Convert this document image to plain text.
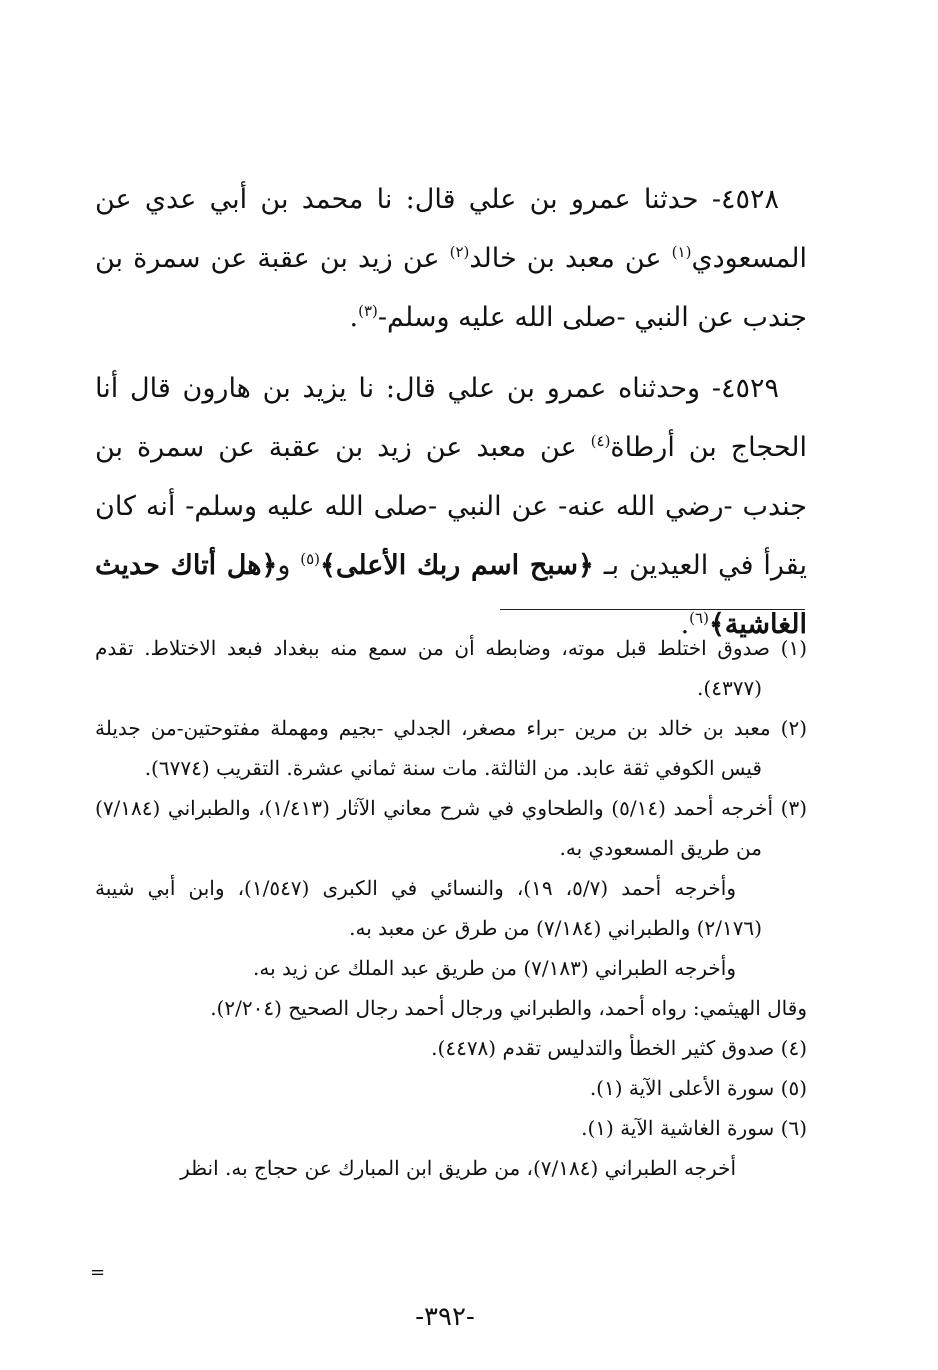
٤٥٢٨- حدثنا عمرو بن علي قال: نا محمد بن أبي عدي عن المسعودي$^{(١)}$ عن معبد بن خالد$^{(٢)}$ عن زيد بن عقبة عن سمرة بن جندب عن النبي -صلى الله عليه وسلم-$^{(٣)}$.

٤٥٢٩- وحدثناه عمرو بن علي قال: نا يزيد بن هارون قال أنا الحجاج بن أرطاة$^{(٤)}$ عن معبد عن زيد بن عقبة عن سمرة بن جندب -رضي الله عنه- عن النبي -صلى الله عليه وسلم- أنه كان يقرأ في العيدين بـ ﴿سبح اسم ربك الأعلى﴾$^{(٥)}$ و﴿هل أتاك حديث الغاشية﴾$^{(٦)}$.

(١) صدوق اختلط قبل موته، وضابطه أن من سمع منه ببغداد فبعد الاختلاط. تقدم (٤٣٧٧).
(٢) معبد بن خالد بن مرين -براء مصغر، الجدلي -بجيم ومهملة مفتوحتين-من جديلة قيس الكوفي ثقة عابد. من الثالثة. مات سنة ثماني عشرة. التقريب (٦٧٧٤).
(٣) أخرجه أحمد (٥/١٤) والطحاوي في شرح معاني الآثار (١/٤١٣)، والطبراني (٧/١٨٤) من طريق المسعودي به.
وأخرجه أحمد (٥/٧، ١٩)، والنسائي في الكبرى (١/٥٤٧)، وابن أبي شيبة (٢/١٧٦) والطبراني (٧/١٨٤) من طرق عن معبد به.
وأخرجه الطبراني (٧/١٨٣) من طريق عبد الملك عن زيد به.
وقال الهيثمي: رواه أحمد، والطبراني ورجال أحمد رجال الصحيح (٢/٢٠٤).
(٤) صدوق كثير الخطأ والتدليس تقدم (٤٤٧٨).
(٥) سورة الأعلى الآية (١).
(٦) سورة الغاشية الآية (١).
أخرجه الطبراني (٧/١٨٤)، من طريق ابن المبارك عن حجاج به. انظر
=
-٣٩٢-
